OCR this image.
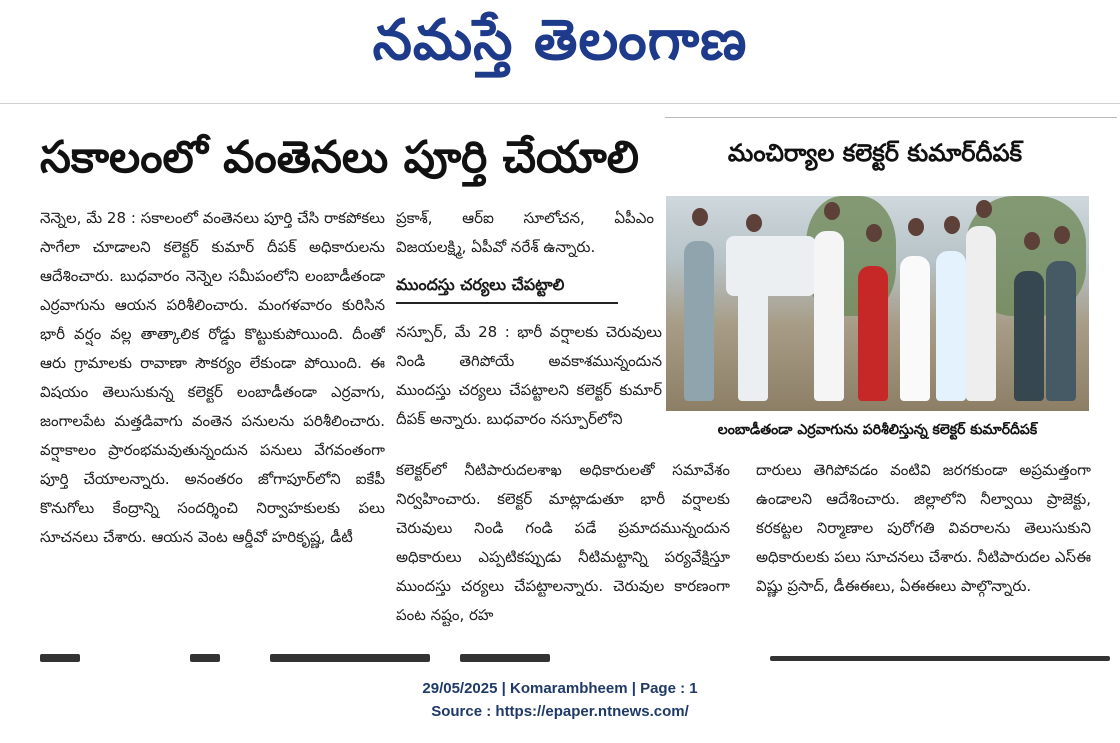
నమస్తే తెలంగాణ
సకాలంలో వంతెనలు పూర్తి చేయాలి	మంచిర్యాల కలెక్టర్ కుమార్‌దీపక్
నెన్నెల, మే 28 : సకాలంలో వంతెనలు పూర్తి చేసి రాకపోకలు సాగేలా చూడాలని కలెక్టర్ కుమార్ దీపక్ అధికారులను ఆదేశించారు. బుధవారం నెన్నెల సమీపంలోని లంబాడీతండా ఎర్రవాగును ఆయన పరిశీలించారు. మంగళవారం కురిసిన భారీ వర్షం వల్ల తాత్కాలిక రోడ్డు కొట్టుకుపోయింది. దీంతో ఆరు గ్రామాలకు రావాణా సౌకర్యం లేకుండా పోయింది. ఈ విషయం తెలుసుకున్న కలెక్టర్ లంబాడీతండా ఎర్రవాగు, జంగాలపేట మత్తడివాగు వంతెన పనులను పరిశీలించారు. వర్షాకాలం ప్రారంభమవుతున్నందున పనులు వేగవంతంగా పూర్తి చేయాలన్నారు. అనంతరం జోగాపూర్‌లోని ఐకేపీ కొనుగోలు కేంద్రాన్ని సందర్శించి నిర్వాహకులకు పలు సూచనలు చేశారు. ఆయన వెంట ఆర్డీవో హరికృష్ణ, డీటీ
ప్రకాశ్, ఆర్ఐ సూలోచన, ఏపీఎం విజయలక్ష్మి, ఏపీవో నరేశ్ ఉన్నారు.
ముందస్తు చర్యలు చేపట్టాలి
నస్పూర్, మే 28 : భారీ వర్షాలకు చెరువులు నిండి తెగిపోయే అవకాశమున్నందున ముందస్తు చర్యలు చేపట్టాలని కలెక్టర్ కుమార్ దీపక్ అన్నారు. బుధవారం నస్పూర్‌లోని
కలెక్టర్‌లో నీటిపారుదలశాఖ అధికారులతో సమావేశం నిర్వహించారు. కలెక్టర్ మాట్లాడుతూ భారీ వర్షాలకు చెరువులు నిండి గండి పడే ప్రమాదమున్నందున అధికారులు ఎప్పటికప్పుడు నీటిమట్టాన్ని పర్యవేక్షిస్తూ ముందస్తు చర్యలు చేపట్టాలన్నారు. చెరువుల కారణంగా పంట నష్టం, రహ
దారులు తెగిపోవడం వంటివి జరగకుండా అప్రమత్తంగా ఉండాలని ఆదేశించారు. జిల్లాలోని నీల్వాయి ప్రాజెక్టు, కరకట్టల నిర్మాణాల పురోగతి వివరాలను తెలుసుకుని అధికారులకు పలు సూచనలు చేశారు. నీటిపారుదల ఎస్ఈ విష్ణు ప్రసాద్, డీఈఈలు, ఏఈఈలు పాల్గొన్నారు.
లంబాడీతండా ఎర్రవాగును పరిశీలిస్తున్న కలెక్టర్ కుమార్‌దీపక్
29/05/2025 | Komarambheem | Page : 1
Source : https://epaper.ntnews.com/
